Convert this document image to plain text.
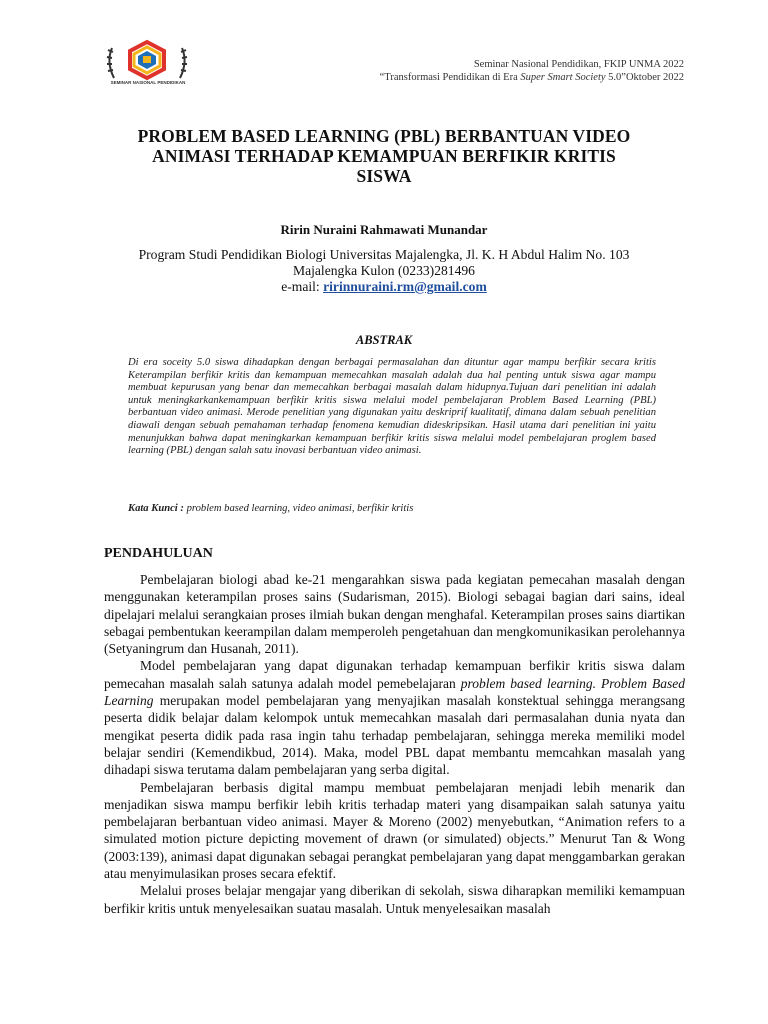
SEMINAR NASIONAL PENDIDIKAN
Seminar Nasional Pendidikan, FKIP UNMA 2022
“Transformasi Pendidikan di Era Super Smart Society 5.0”Oktober 2022
PROBLEM BASED LEARNING (PBL) BERBANTUAN VIDEO
ANIMASI TERHADAP KEMAMPUAN BERFIKIR KRITIS
SISWA
Ririn Nuraini Rahmawati Munandar
Program Studi Pendidikan Biologi Universitas Majalengka, Jl. K. H Abdul Halim No. 103
Majalengka Kulon (0233)281496
e-mail: ririnnuraini.rm@gmail.com
ABSTRAK
Di era soceity 5.0 siswa dihadapkan dengan berbagai permasalahan dan dituntur agar mampu berfikir secara kritis Keterampilan berfikir kritis dan kemampuan memecahkan masalah adalah dua hal penting untuk siswa agar mampu membuat kepurusan yang benar dan memecahkan berbagai masalah dalam hidupnya.Tujuan dari penelitian ini adalah untuk meningkarkankemampuan berfikir kritis siswa melalui model pembelajaran Problem Based Learning (PBL) berbantuan video animasi. Merode penelitian yang digunakan yaitu deskriprif kualitatif, dimana dalam sebuah penelitian diawali dengan sebuah pemahaman terhadap fenomena kemudian dideskripsikan. Hasil utama dari penelitian ini yaitu menunjukkan bahwa dapat meningkarkan kemampuan berfikir kritis siswa melalui model pembelajaran proglem based learning (PBL) dengan salah satu inovasi berbantuan video animasi.
Kata Kunci : problem based learning, video animasi, berfikir kritis
PENDAHULUAN

Pembelajaran biologi abad ke-21 mengarahkan siswa pada kegiatan pemecahan masalah dengan menggunakan keterampilan proses sains (Sudarisman, 2015). Biologi sebagai bagian dari sains, ideal dipelajari melalui serangkaian proses ilmiah bukan dengan menghafal. Keterampilan proses sains diartikan sebagai pembentukan keerampilan dalam memperoleh pengetahuan dan mengkomunikasikan perolehannya (Setyaningrum dan Husanah, 2011).

Model pembelajaran yang dapat digunakan terhadap kemampuan berfikir kritis siswa dalam pemecahan masalah salah satunya adalah model pemebelajaran problem based learning. Problem Based Learning merupakan model pembelajaran yang menyajikan masalah konstektual sehingga merangsang peserta didik belajar dalam kelompok untuk memecahkan masalah dari permasalahan dunia nyata dan mengikat peserta didik pada rasa ingin tahu terhadap pembelajaran, sehingga mereka memiliki model belajar sendiri (Kemendikbud, 2014). Maka, model PBL dapat membantu memcahkan masalah yang dihadapi siswa terutama dalam pembelajaran yang serba digital.

Pembelajaran berbasis digital mampu membuat pembelajaran menjadi lebih menarik dan menjadikan siswa mampu berfikir lebih kritis terhadap materi yang disampaikan salah satunya yaitu pembelajaran berbantuan video animasi. Mayer & Moreno (2002) menyebutkan, “Animation refers to a simulated motion picture depicting movement of drawn (or simulated) objects.” Menurut Tan & Wong (2003:139), animasi dapat digunakan sebagai perangkat pembelajaran yang dapat menggambarkan gerakan atau menyimulasikan proses secara efektif.

Melalui proses belajar mengajar yang diberikan di sekolah, siswa diharapkan memiliki kemampuan berfikir kritis untuk menyelesaikan suatau masalah. Untuk menyelesaikan masalah
